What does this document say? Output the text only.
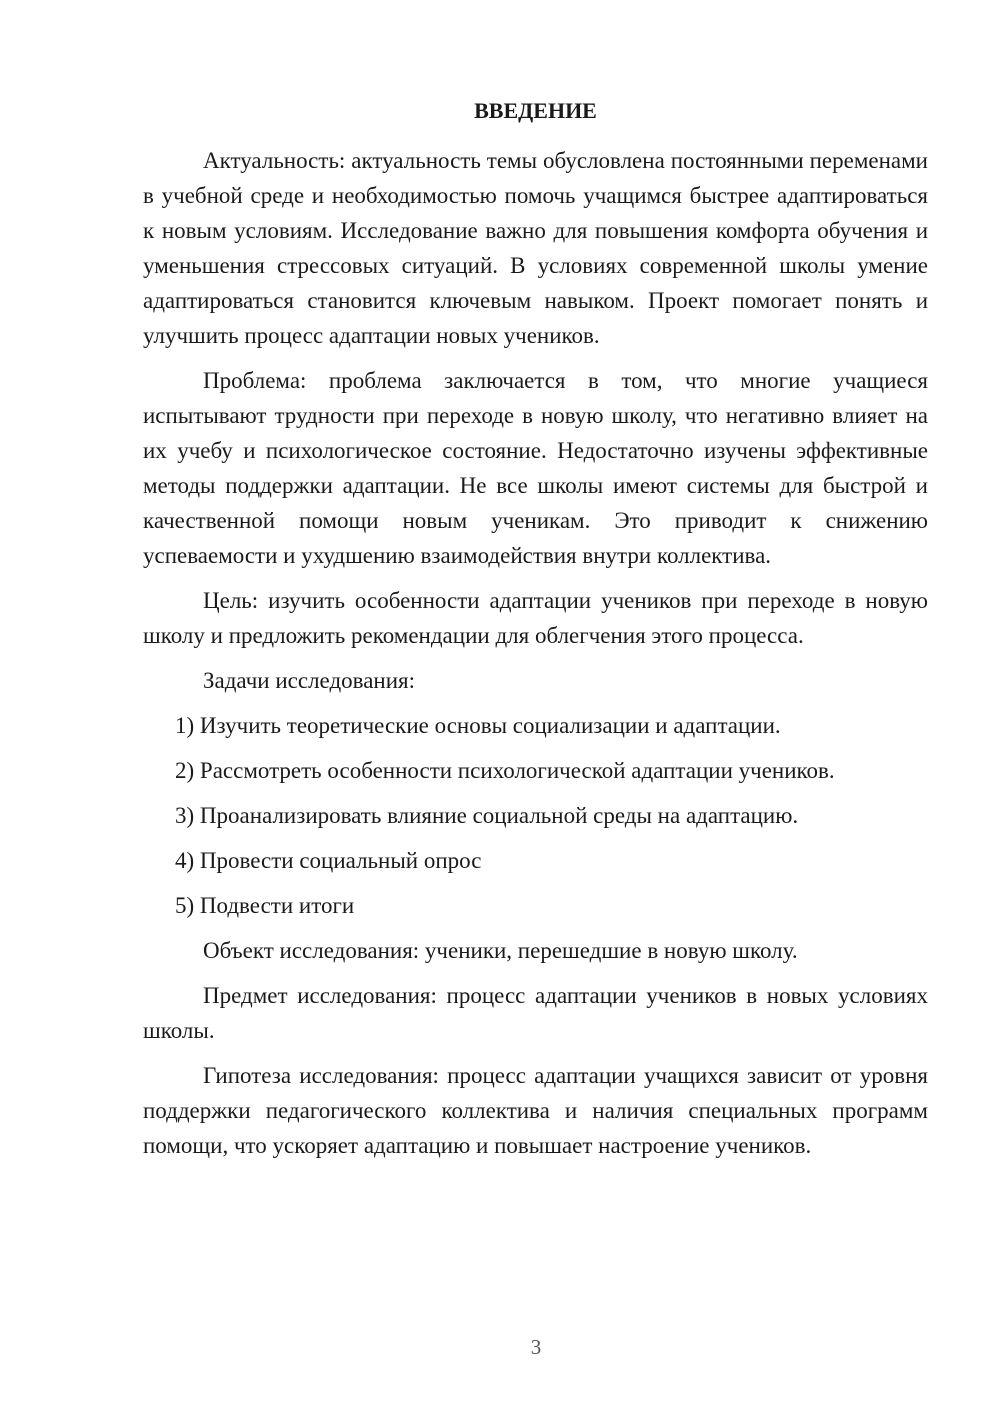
ВВЕДЕНИЕ

Актуальность: актуальность темы обусловлена постоянными переменами в учебной среде и необходимостью помочь учащимся быстрее адаптироваться к новым условиям. Исследование важно для повышения комфорта обучения и уменьшения стрессовых ситуаций. В условиях современной школы умение адаптироваться становится ключевым навыком. Проект помогает понять и улучшить процесс адаптации новых учеников.

Проблема: проблема заключается в том, что многие учащиеся испытывают трудности при переходе в новую школу, что негативно влияет на их учебу и психологическое состояние. Недостаточно изучены эффективные методы поддержки адаптации. Не все школы имеют системы для быстрой и качественной помощи новым ученикам. Это приводит к снижению успеваемости и ухудшению взаимодействия внутри коллектива.

Цель: изучить особенности адаптации учеников при переходе в новую школу и предложить рекомендации для облегчения этого процесса.

Задачи исследования:

1) Изучить теоретические основы социализации и адаптации.

2) Рассмотреть особенности психологической адаптации учеников.

3) Проанализировать влияние социальной среды на адаптацию.

4) Провести социальный опрос

5) Подвести итоги

Объект исследования: ученики, перешедшие в новую школу.

Предмет исследования: процесс адаптации учеников в новых условиях школы.

Гипотеза исследования: процесс адаптации учащихся зависит от уровня поддержки педагогического коллектива и наличия специальных программ помощи, что ускоряет адаптацию и повышает настроение учеников.

3
